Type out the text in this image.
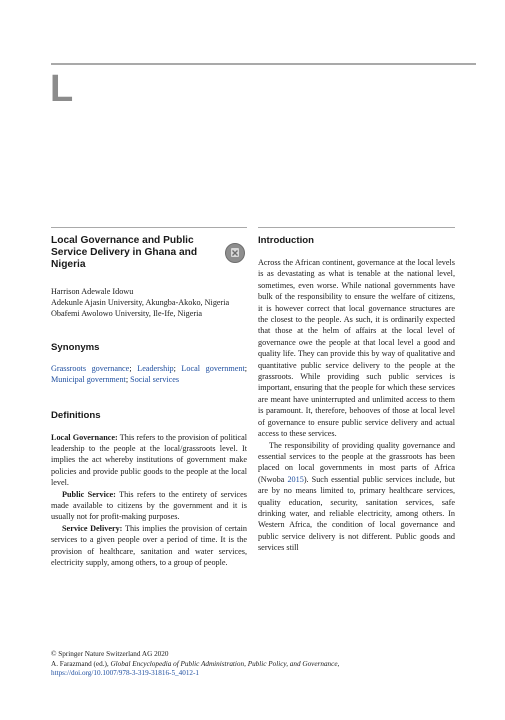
L
Local Governance and Public Service Delivery in Ghana and Nigeria
Harrison Adewale Idowu
Adekunle Ajasin University, Akungba-Akoko, Nigeria
Obafemi Awolowo University, Ile-Ife, Nigeria
Synonyms
Grassroots governance; Leadership; Local government; Municipal government; Social services
Definitions

Local Governance: This refers to the provision of political leadership to the people at the local/grassroots level. It implies the act whereby institutions of government make policies and provide public goods to the people at the local level.

Public Service: This refers to the entirety of services made available to citizens by the government and it is usually not for profit-making purposes.

Service Delivery: This implies the provision of certain services to a given people over a period of time. It is the provision of healthcare, sanitation and water services, electricity supply, among others, to a group of people.

Introduction

Across the African continent, governance at the local levels is as devastating as what is tenable at the national level, sometimes, even worse. While national governments have bulk of the responsibility to ensure the welfare of citizens, it is however correct that local governance structures are the closest to the people. As such, it is ordinarily expected that those at the helm of affairs at the local level of governance owe the people at that local level a good and quality life. They can provide this by way of qualitative and quantitative public service delivery to the people at the grassroots. While providing such public services is important, ensuring that the people for which these services are meant have uninterrupted and unlimited access to them is paramount. It, therefore, behooves of those at local level of governance to ensure public service delivery and actual access to these services.

The responsibility of providing quality governance and essential services to the people at the grassroots has been placed on local governments in most parts of Africa (Nwoba 2015). Such essential public services include, but are by no means limited to, primary healthcare services, quality education, security, sanitation services, safe drinking water, and reliable electricity, among others. In Western Africa, the condition of local governance and public service delivery is not different. Public goods and services still

© Springer Nature Switzerland AG 2020
A. Farazmand (ed.), Global Encyclopedia of Public Administration, Public Policy, and Governance,
https://doi.org/10.1007/978-3-319-31816-5_4012-1
